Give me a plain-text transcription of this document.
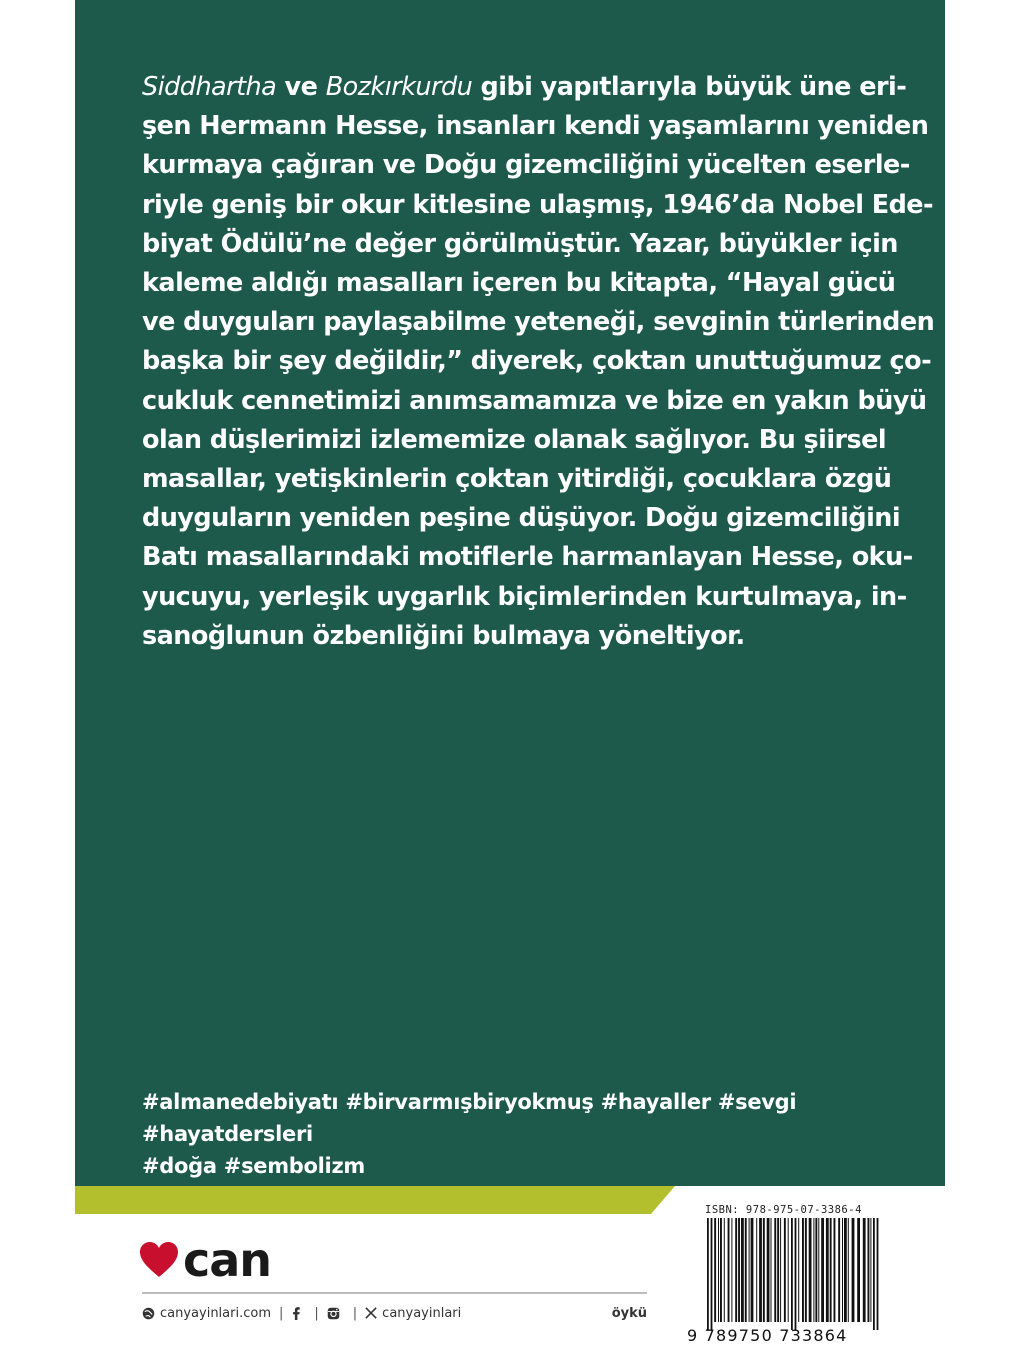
Siddhartha ve Bozkırkurdu gibi yapıtlarıyla büyük üne eri-
şen Hermann Hesse, insanları kendi yaşamlarını yeniden
kurmaya çağıran ve Doğu gizemciliğini yücelten eserle-
riyle geniş bir okur kitlesine ulaşmış, 1946’da Nobel Ede-
biyat Ödülü’ne değer görülmüştür. Yazar, büyükler için
kaleme aldığı masalları içeren bu kitapta, “Hayal gücü
ve duyguları paylaşabilme yeteneği, sevginin türlerinden
başka bir şey değildir,” diyerek, çoktan unuttuğumuz ço-
cukluk cennetimizi anımsamamıza ve bize en yakın büyü
olan düşlerimizi izlememize olanak sağlıyor. Bu şiirsel
masallar, yetişkinlerin çoktan yitirdiği, çocuklara özgü
duyguların yeniden peşine düşüyor. Doğu gizemciliğini
Batı masallarındaki motiflerle harmanlayan Hesse, oku-
yucuyu, yerleşik uygarlık biçimlerinden kurtulmaya, in-
sanoğlunun özbenliğini bulmaya yöneltiyor.
#almanedebiyatı #birvarmışbiryokmuş #hayaller #sevgi #hayatdersleri
#doğa #sembolizm
can
canyayinlari.com | |	| canyayinlari	öykü
ISBN: 978-975-07-3386-4
9 789750 733864
